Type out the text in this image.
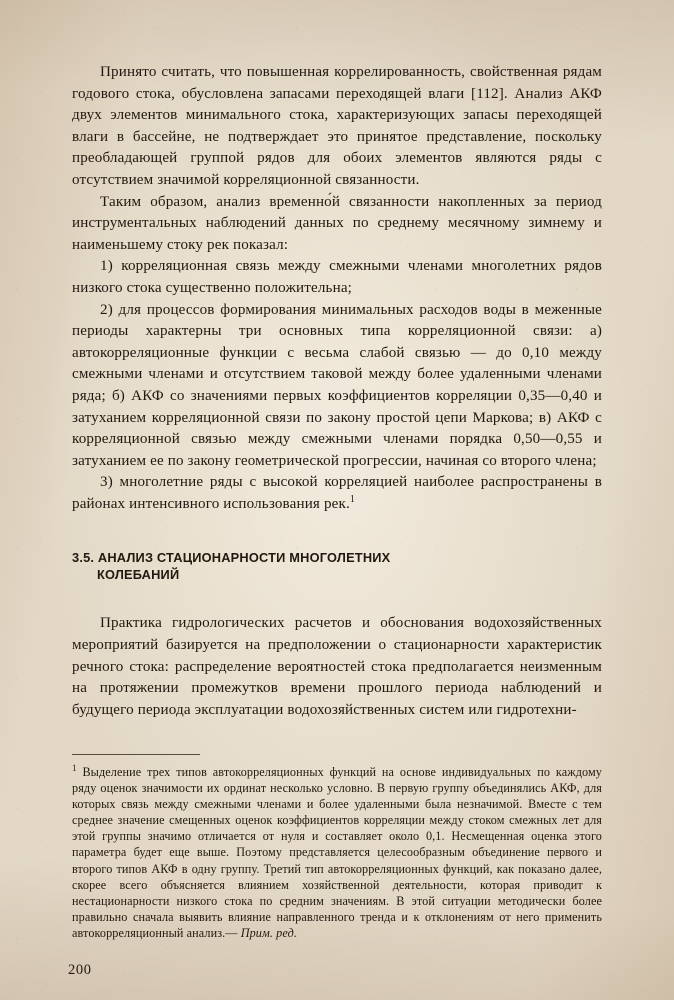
Принято считать, что повышенная коррелированность, свойственная рядам годового стока, обусловлена запасами переходящей влаги [112]. Анализ АКФ двух элементов минимального стока, характеризующих запасы переходящей влаги в бассейне, не подтверждает это принятое представление, поскольку преобладающей группой рядов для обоих элементов являются ряды с отсутствием значимой корреляционной связанности.

Таким образом, анализ временно́й связанности накопленных за период инструментальных наблюдений данных по среднему месячному зимнему и наименьшему стоку рек показал:

1) корреляционная связь между смежными членами многолетних рядов низкого стока существенно положительна;

2) для процессов формирования минимальных расходов воды в меженные периоды характерны три основных типа корреляционной связи: а) автокорреляционные функции с весьма слабой связью — до 0,10 между смежными членами и отсутствием таковой между более удаленными членами ряда; б) АКФ со значениями первых коэффициентов корреляции 0,35—0,40 и затуханием корреляционной связи по закону простой цепи Маркова; в) АКФ с корреляционной связью между смежными членами порядка 0,50—0,55 и затуханием ее по закону геометрической прогрессии, начиная со второго члена;

3) многолетние ряды с высокой корреляцией наиболее распространены в районах интенсивного использования рек.$^1$

3.5. АНАЛИЗ СТАЦИОНАРНОСТИ МНОГОЛЕТНИХ
КОЛЕБАНИЙ

Практика гидрологических расчетов и обоснования водохозяйственных мероприятий базируется на предположении о стационарности характеристик речного стока: распределение вероятностей стока предполагается неизменным на протяжении промежутков времени прошлого периода наблюдений и будущего периода эксплуатации водохозяйственных систем или гидротехни-

$^1$ Выделение трех типов автокорреляционных функций на основе индивидуальных по каждому ряду оценок значимости их ординат несколько условно. В первую группу объединялись АКФ, для которых связь между смежными членами и более удаленными была незначимой. Вместе с тем среднее значение смещенных оценок коэффициентов корреляции между стоком смежных лет для этой группы значимо отличается от нуля и составляет около 0,1. Несмещенная оценка этого параметра будет еще выше. Поэтому представляется целесообразным объединение первого и второго типов АКФ в одну группу. Третий тип автокорреляционных функций, как показано далее, скорее всего объясняется влиянием хозяйственной деятельности, которая приводит к нестационарности низкого стока по средним значениям. В этой ситуации методически более правильно сначала выявить влияние направленного тренда и к отклонениям от него применить автокорреляционный анализ.— Прим. ред.
200
